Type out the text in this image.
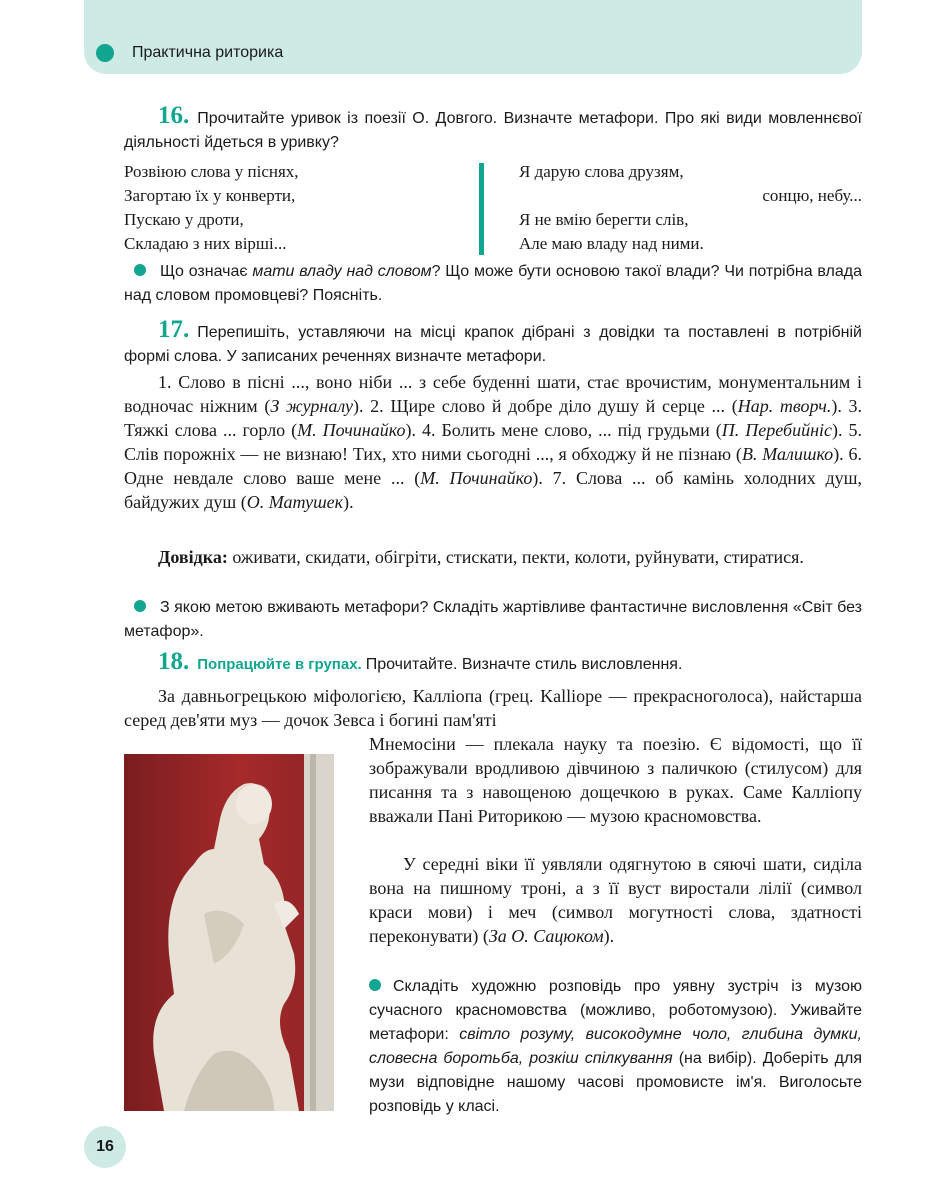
Практична риторика
16. Прочитайте уривок із поезії О. Довгого. Визначте метафори. Про які види мовленнєвої діяльності йдеться в уривку?
Розвіюю слова у піснях,
Загортаю їх у конверти,
Пускаю у дроти,
Складаю з них вірші...
Я дарую слова друзям,
сонцю, небу...
Я не вмію берегти слів,
Але маю владу над ними.
Що означає мати владу над словом? Що може бути основою такої влади? Чи потрібна влада над словом промовцеві? Поясніть.
17. Перепишіть, уставляючи на місці крапок дібрані з довідки та поставлені в потрібній формі слова. У записаних реченнях визначте метафори.

1. Слово в пісні ..., воно ніби ... з себе буденні шати, стає врочистим, монументальним і водночас ніжним (З журналу). 2. Щире слово й добре діло душу й серце ... (Нар. творч.). 3. Тяжкі слова ... горло (М. Починайко). 4. Болить мене слово, ... під грудьми (П. Перебийніс). 5. Слів порожніх — не визнаю! Тих, хто ними сьогодні ..., я обходжу й не пізнаю (В. Малишко). 6. Одне невдале слово ваше мене ... (М. Починайко). 7. Слова ... об камінь холодних душ, байдужих душ (О. Матушек).

Довідка: оживати, скидати, обігріти, стискати, пекти, колоти, руйнувати, стиратися.

З якою метою вживають метафори? Складіть жартівливе фантастичне висловлення «Світ без метафор».
18. Попрацюйте в групах. Прочитайте. Визначте стиль висловлення.

За давньогрецькою міфологією, Калліопа (грец. Kalliope — прекрасноголоса), найстарша серед дев'яти муз — дочок Зевса і богині пам'яті

Мнемосіни — плекала науку та поезію. Є відомості, що її зображували вродливою дівчиною з паличкою (стилусом) для писання та з навощеною дощечкою в руках. Саме Калліопу вважали Пані Риторикою — музою красномовства.

У середні віки її уявляли одягнутою в сяючі шати, сиділа вона на пишному троні, а з її вуст виростали лілії (символ краси мови) і меч (символ могутності слова, здатності переконувати) (За О. Сацюком).

Складіть художню розповідь про уявну зустріч із музою сучасного красномовства (можливо, роботомузою). Уживайте метафори: світло розуму, високодумне чоло, глибина думки, словесна боротьба, розкіш спілкування (на вибір). Доберіть для музи відповідне нашому часові промовисте ім'я. Виголосьте розповідь у класі.
16
